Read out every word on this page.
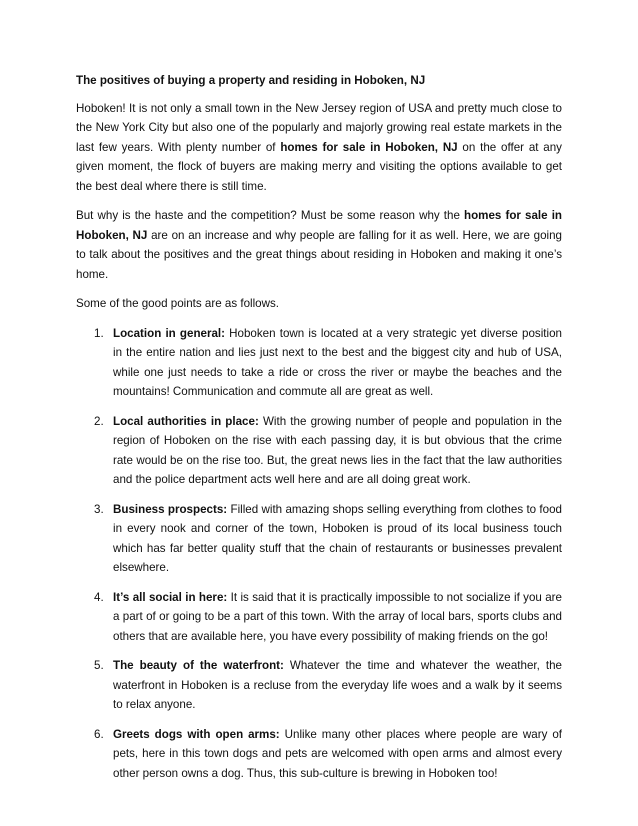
The positives of buying a property and residing in Hoboken, NJ

Hoboken! It is not only a small town in the New Jersey region of USA and pretty much close to the New York City but also one of the popularly and majorly growing real estate markets in the last few years. With plenty number of homes for sale in Hoboken, NJ on the offer at any given moment, the flock of buyers are making merry and visiting the options available to get the best deal where there is still time.

But why is the haste and the competition? Must be some reason why the homes for sale in Hoboken, NJ are on an increase and why people are falling for it as well. Here, we are going to talk about the positives and the great things about residing in Hoboken and making it one’s home.

Some of the good points are as follows.

1. Location in general: Hoboken town is located at a very strategic yet diverse position in the entire nation and lies just next to the best and the biggest city and hub of USA, while one just needs to take a ride or cross the river or maybe the beaches and the mountains! Communication and commute all are great as well.
2. Local authorities in place: With the growing number of people and population in the region of Hoboken on the rise with each passing day, it is but obvious that the crime rate would be on the rise too. But, the great news lies in the fact that the law authorities and the police department acts well here and are all doing great work.
3. Business prospects: Filled with amazing shops selling everything from clothes to food in every nook and corner of the town, Hoboken is proud of its local business touch which has far better quality stuff that the chain of restaurants or businesses prevalent elsewhere.
4. It’s all social in here: It is said that it is practically impossible to not socialize if you are a part of or going to be a part of this town. With the array of local bars, sports clubs and others that are available here, you have every possibility of making friends on the go!
5. The beauty of the waterfront: Whatever the time and whatever the weather, the waterfront in Hoboken is a recluse from the everyday life woes and a walk by it seems to relax anyone.
6. Greets dogs with open arms: Unlike many other places where people are wary of pets, here in this town dogs and pets are welcomed with open arms and almost every other person owns a dog. Thus, this sub-culture is brewing in Hoboken too!
